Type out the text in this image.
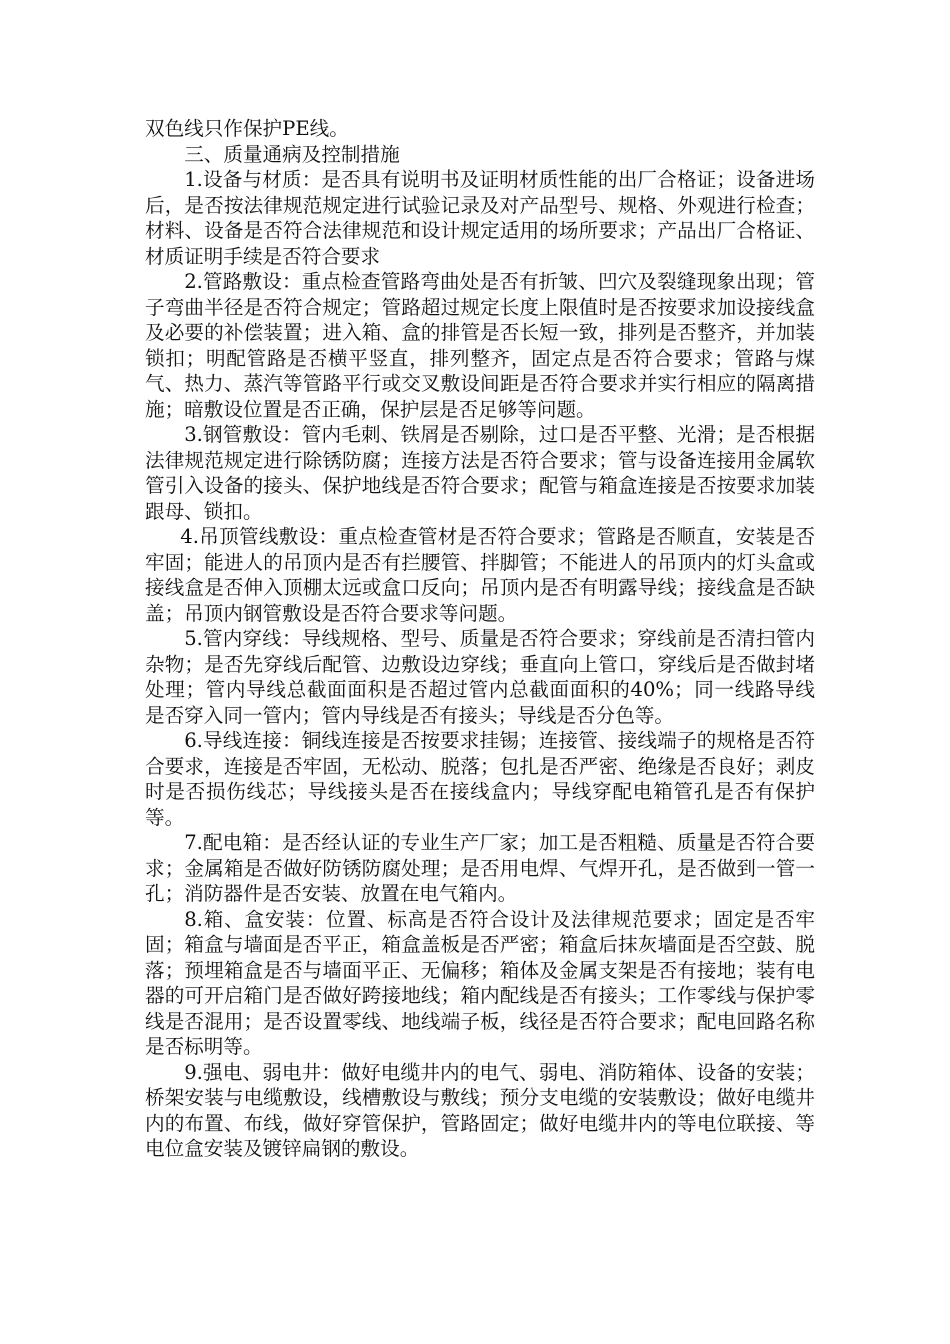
双色线只作保护PE线。

三、质量通病及控制措施

1.设备与材质：是否具有说明书及证明材质性能的出厂合格证；设备进场后，是否按法律规范规定进行试验记录及对产品型号、规格、外观进行检查；材料、设备是否符合法律规范和设计规定适用的场所要求；产品出厂合格证、材质证明手续是否符合要求

2.管路敷设：重点检查管路弯曲处是否有折皱、凹穴及裂缝现象出现；管子弯曲半径是否符合规定；管路超过规定长度上限值时是否按要求加设接线盒及必要的补偿装置；进入箱、盒的排管是否长短一致，排列是否整齐，并加装锁扣；明配管路是否横平竖直，排列整齐，固定点是否符合要求；管路与煤气、热力、蒸汽等管路平行或交叉敷设间距是否符合要求并实行相应的隔离措施；暗敷设位置是否正确，保护层是否足够等问题。

3.钢管敷设：管内毛刺、铁屑是否剔除，过口是否平整、光滑；是否根据法律规范规定进行除锈防腐；连接方法是否符合要求；管与设备连接用金属软管引入设备的接头、保护地线是否符合要求；配管与箱盒连接是否按要求加装跟母、锁扣。

4.吊顶管线敷设：重点检查管材是否符合要求；管路是否顺直，安装是否牢固；能进人的吊顶内是否有拦腰管、拌脚管；不能进人的吊顶内的灯头盒或接线盒是否伸入顶棚太远或盒口反向；吊顶内是否有明露导线；接线盒是否缺盖；吊顶内钢管敷设是否符合要求等问题。

5.管内穿线：导线规格、型号、质量是否符合要求；穿线前是否清扫管内杂物；是否先穿线后配管、边敷设边穿线；垂直向上管口，穿线后是否做封堵处理；管内导线总截面面积是否超过管内总截面面积的40%；同一线路导线是否穿入同一管内；管内导线是否有接头；导线是否分色等。

6.导线连接：铜线连接是否按要求挂锡；连接管、接线端子的规格是否符合要求，连接是否牢固，无松动、脱落；包扎是否严密、绝缘是否良好；剥皮时是否损伤线芯；导线接头是否在接线盒内；导线穿配电箱管孔是否有保护等。

7.配电箱：是否经认证的专业生产厂家；加工是否粗糙、质量是否符合要求；金属箱是否做好防锈防腐处理；是否用电焊、气焊开孔，是否做到一管一孔；消防器件是否安装、放置在电气箱内。

8.箱、盒安装：位置、标高是否符合设计及法律规范要求；固定是否牢固；箱盒与墙面是否平正，箱盒盖板是否严密；箱盒后抹灰墙面是否空鼓、脱落；预埋箱盒是否与墙面平正、无偏移；箱体及金属支架是否有接地；装有电器的可开启箱门是否做好跨接地线；箱内配线是否有接头；工作零线与保护零线是否混用；是否设置零线、地线端子板，线径是否符合要求；配电回路名称是否标明等。

9.强电、弱电井：做好电缆井内的电气、弱电、消防箱体、设备的安装；桥架安装与电缆敷设，线槽敷设与敷线；预分支电缆的安装敷设；做好电缆井内的布置、布线，做好穿管保护，管路固定；做好电缆井内的等电位联接、等电位盒安装及镀锌扁钢的敷设。
